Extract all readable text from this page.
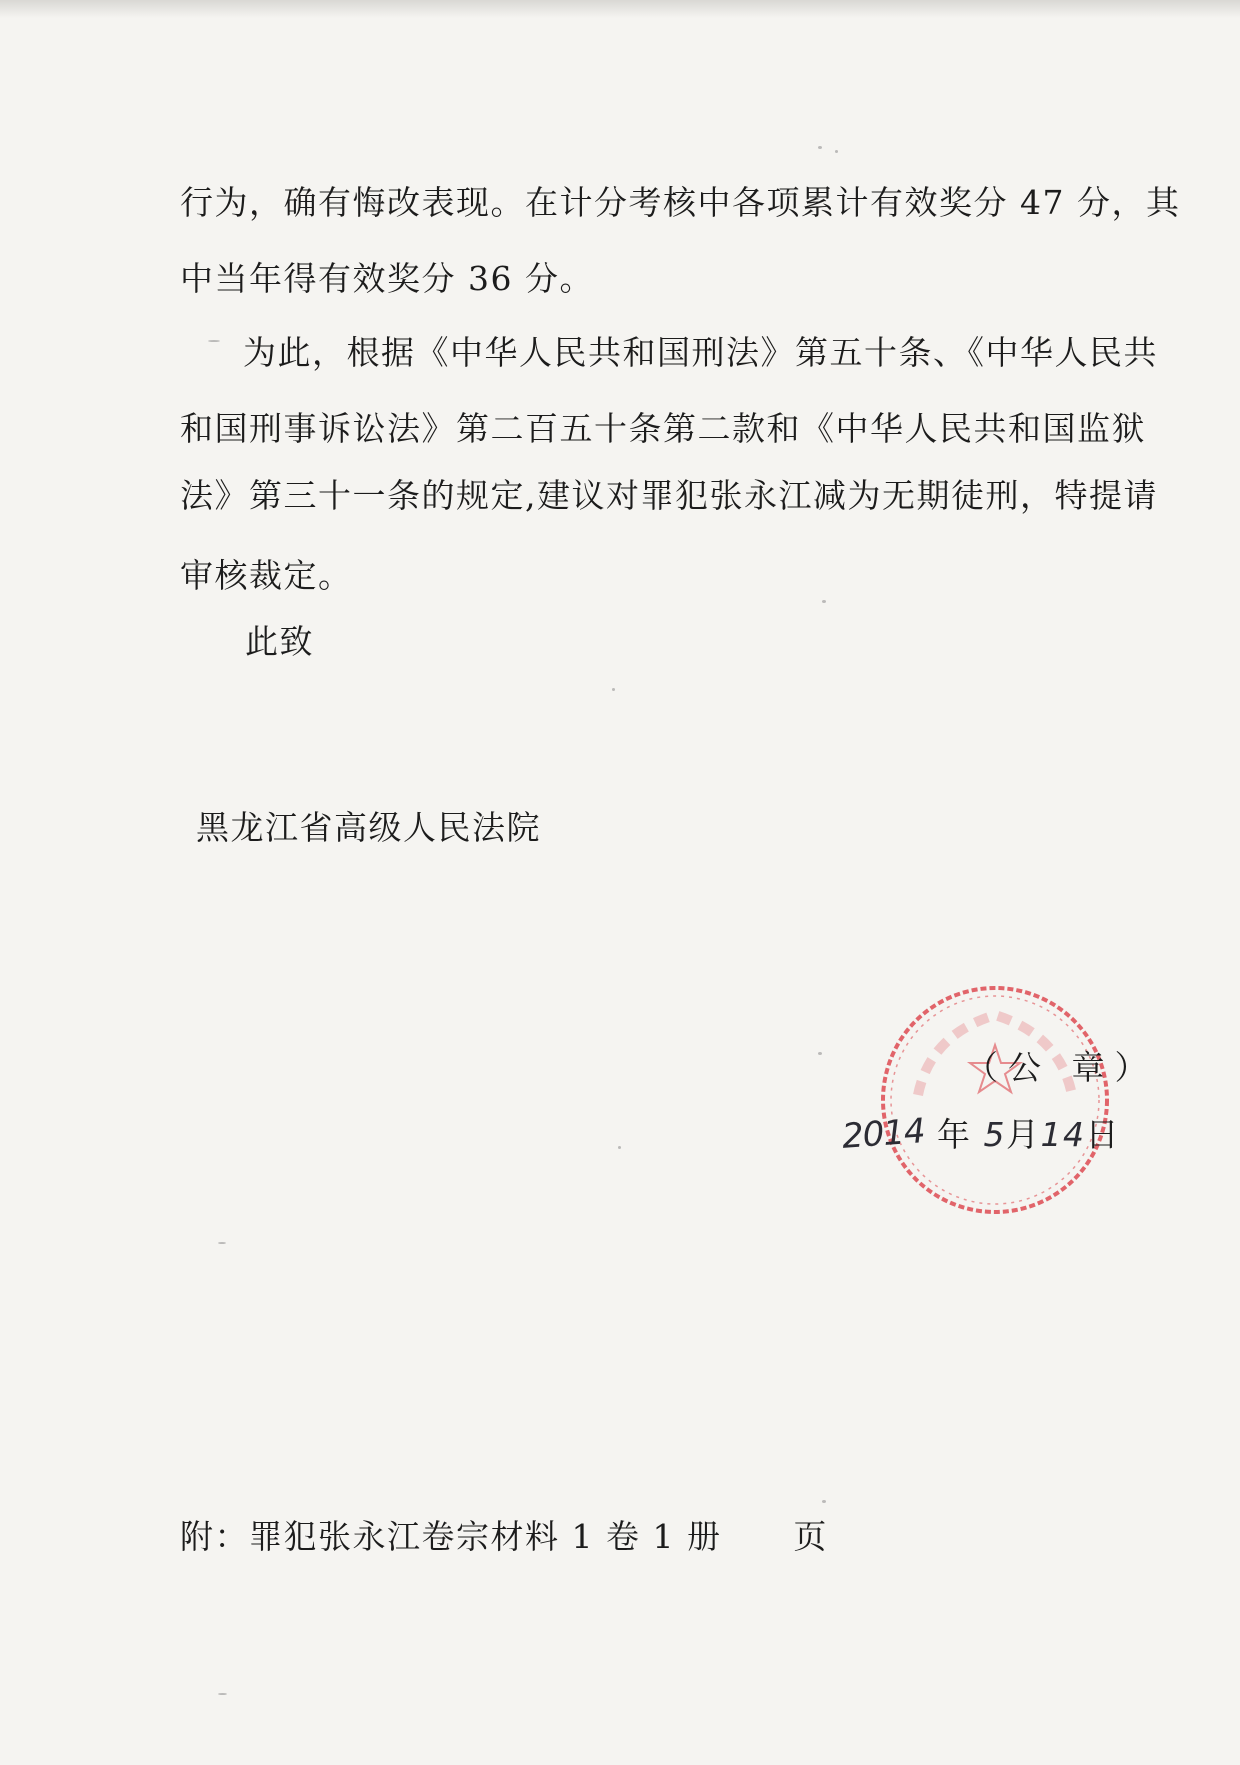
行为，确有悔改表现。在计分考核中各项累计有效奖分 47 分，其
中当年得有效奖分 36 分。
为此，根据《中华人民共和国刑法》第五十条、《中华人民共
和国刑事诉讼法》第二百五十条第二款和《中华人民共和国监狱
法》第三十一条的规定,建议对罪犯张永江减为无期徒刑，特提请
审核裁定。
此致
黑龙江省高级人民法院
（公 章）
2014 年 5月14日
附：罪犯张永江卷宗材料 1 卷 1 册      页
